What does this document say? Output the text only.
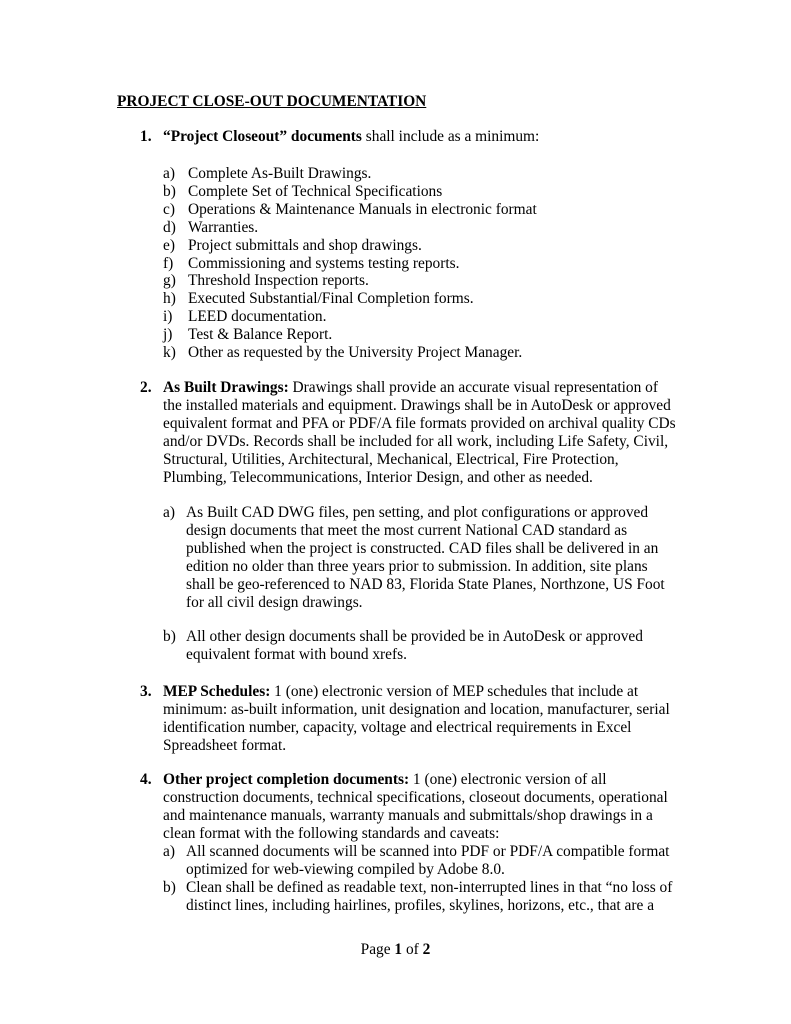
PROJECT CLOSE-OUT DOCUMENTATION
1. “Project Closeout” documents shall include as a minimum:
a) Complete As-Built Drawings.
b) Complete Set of Technical Specifications
c) Operations & Maintenance Manuals in electronic format
d) Warranties.
e) Project submittals and shop drawings.
f) Commissioning and systems testing reports.
g) Threshold Inspection reports.
h) Executed Substantial/Final Completion forms.
i) LEED documentation.
j) Test & Balance Report.
k) Other as requested by the University Project Manager.
2. As Built Drawings: Drawings shall provide an accurate visual representation of the installed materials and equipment. Drawings shall be in AutoDesk or approved equivalent format and PFA or PDF/A file formats provided on archival quality CDs and/or DVDs. Records shall be included for all work, including Life Safety, Civil, Structural, Utilities, Architectural, Mechanical, Electrical, Fire Protection, Plumbing, Telecommunications, Interior Design, and other as needed.
a) As Built CAD DWG files, pen setting, and plot configurations or approved design documents that meet the most current National CAD standard as published when the project is constructed. CAD files shall be delivered in an edition no older than three years prior to submission. In addition, site plans shall be geo-referenced to NAD 83, Florida State Planes, Northzone, US Foot for all civil design drawings.
b) All other design documents shall be provided be in AutoDesk or approved equivalent format with bound xrefs.
3. MEP Schedules: 1 (one) electronic version of MEP schedules that include at minimum: as-built information, unit designation and location, manufacturer, serial identification number, capacity, voltage and electrical requirements in Excel Spreadsheet format.
4. Other project completion documents: 1 (one) electronic version of all construction documents, technical specifications, closeout documents, operational and maintenance manuals, warranty manuals and submittals/shop drawings in a clean format with the following standards and caveats:
a) All scanned documents will be scanned into PDF or PDF/A compatible format optimized for web-viewing compiled by Adobe 8.0.
b) Clean shall be defined as readable text, non-interrupted lines in that “no loss of distinct lines, including hairlines, profiles, skylines, horizons, etc., that are a
Page 1 of 2
